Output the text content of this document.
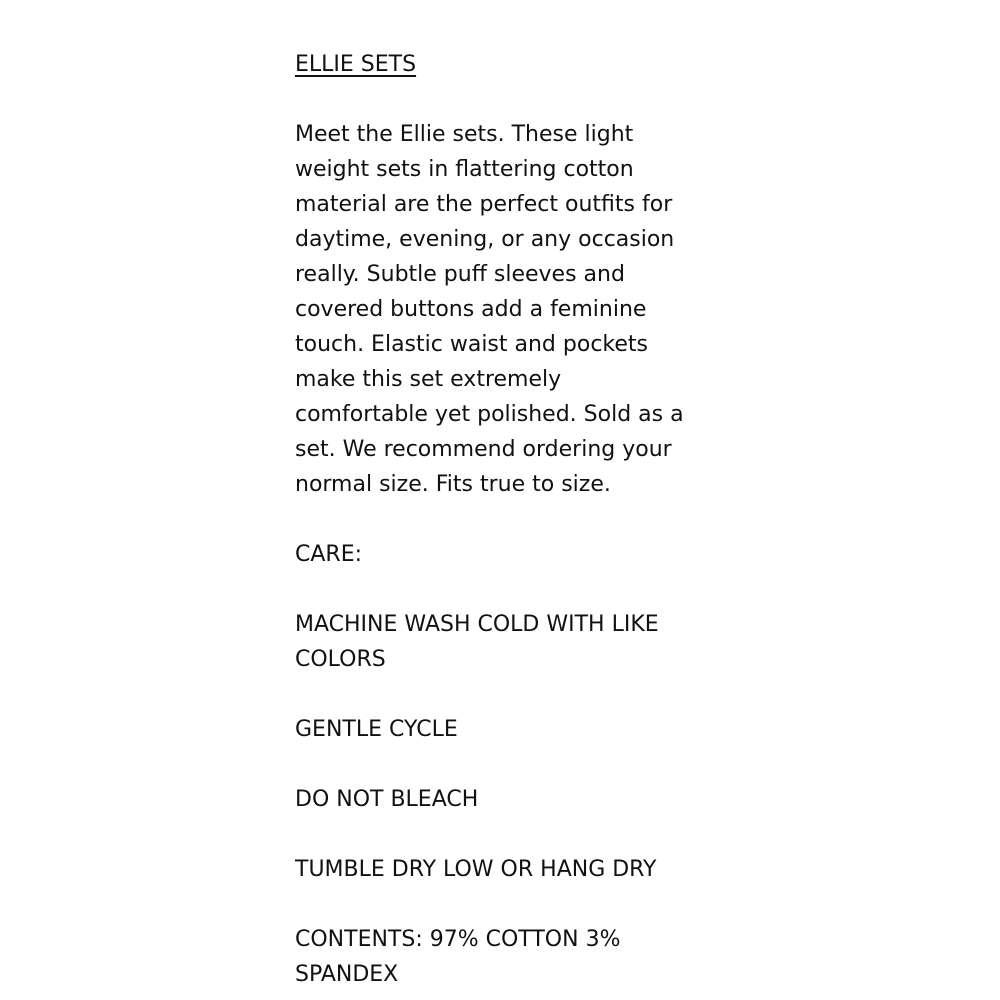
ELLIE SETS

Meet the Ellie sets. These light weight sets in flattering cotton material are the perfect outfits for daytime, evening, or any occasion really. Subtle puff sleeves and covered buttons add a feminine touch. Elastic waist and pockets make this set extremely comfortable yet polished. Sold as a set. We recommend ordering your normal size. Fits true to size.

CARE:

MACHINE WASH COLD WITH LIKE COLORS

GENTLE CYCLE

DO NOT BLEACH

TUMBLE DRY LOW OR HANG DRY

CONTENTS: 97% COTTON 3% SPANDEX
